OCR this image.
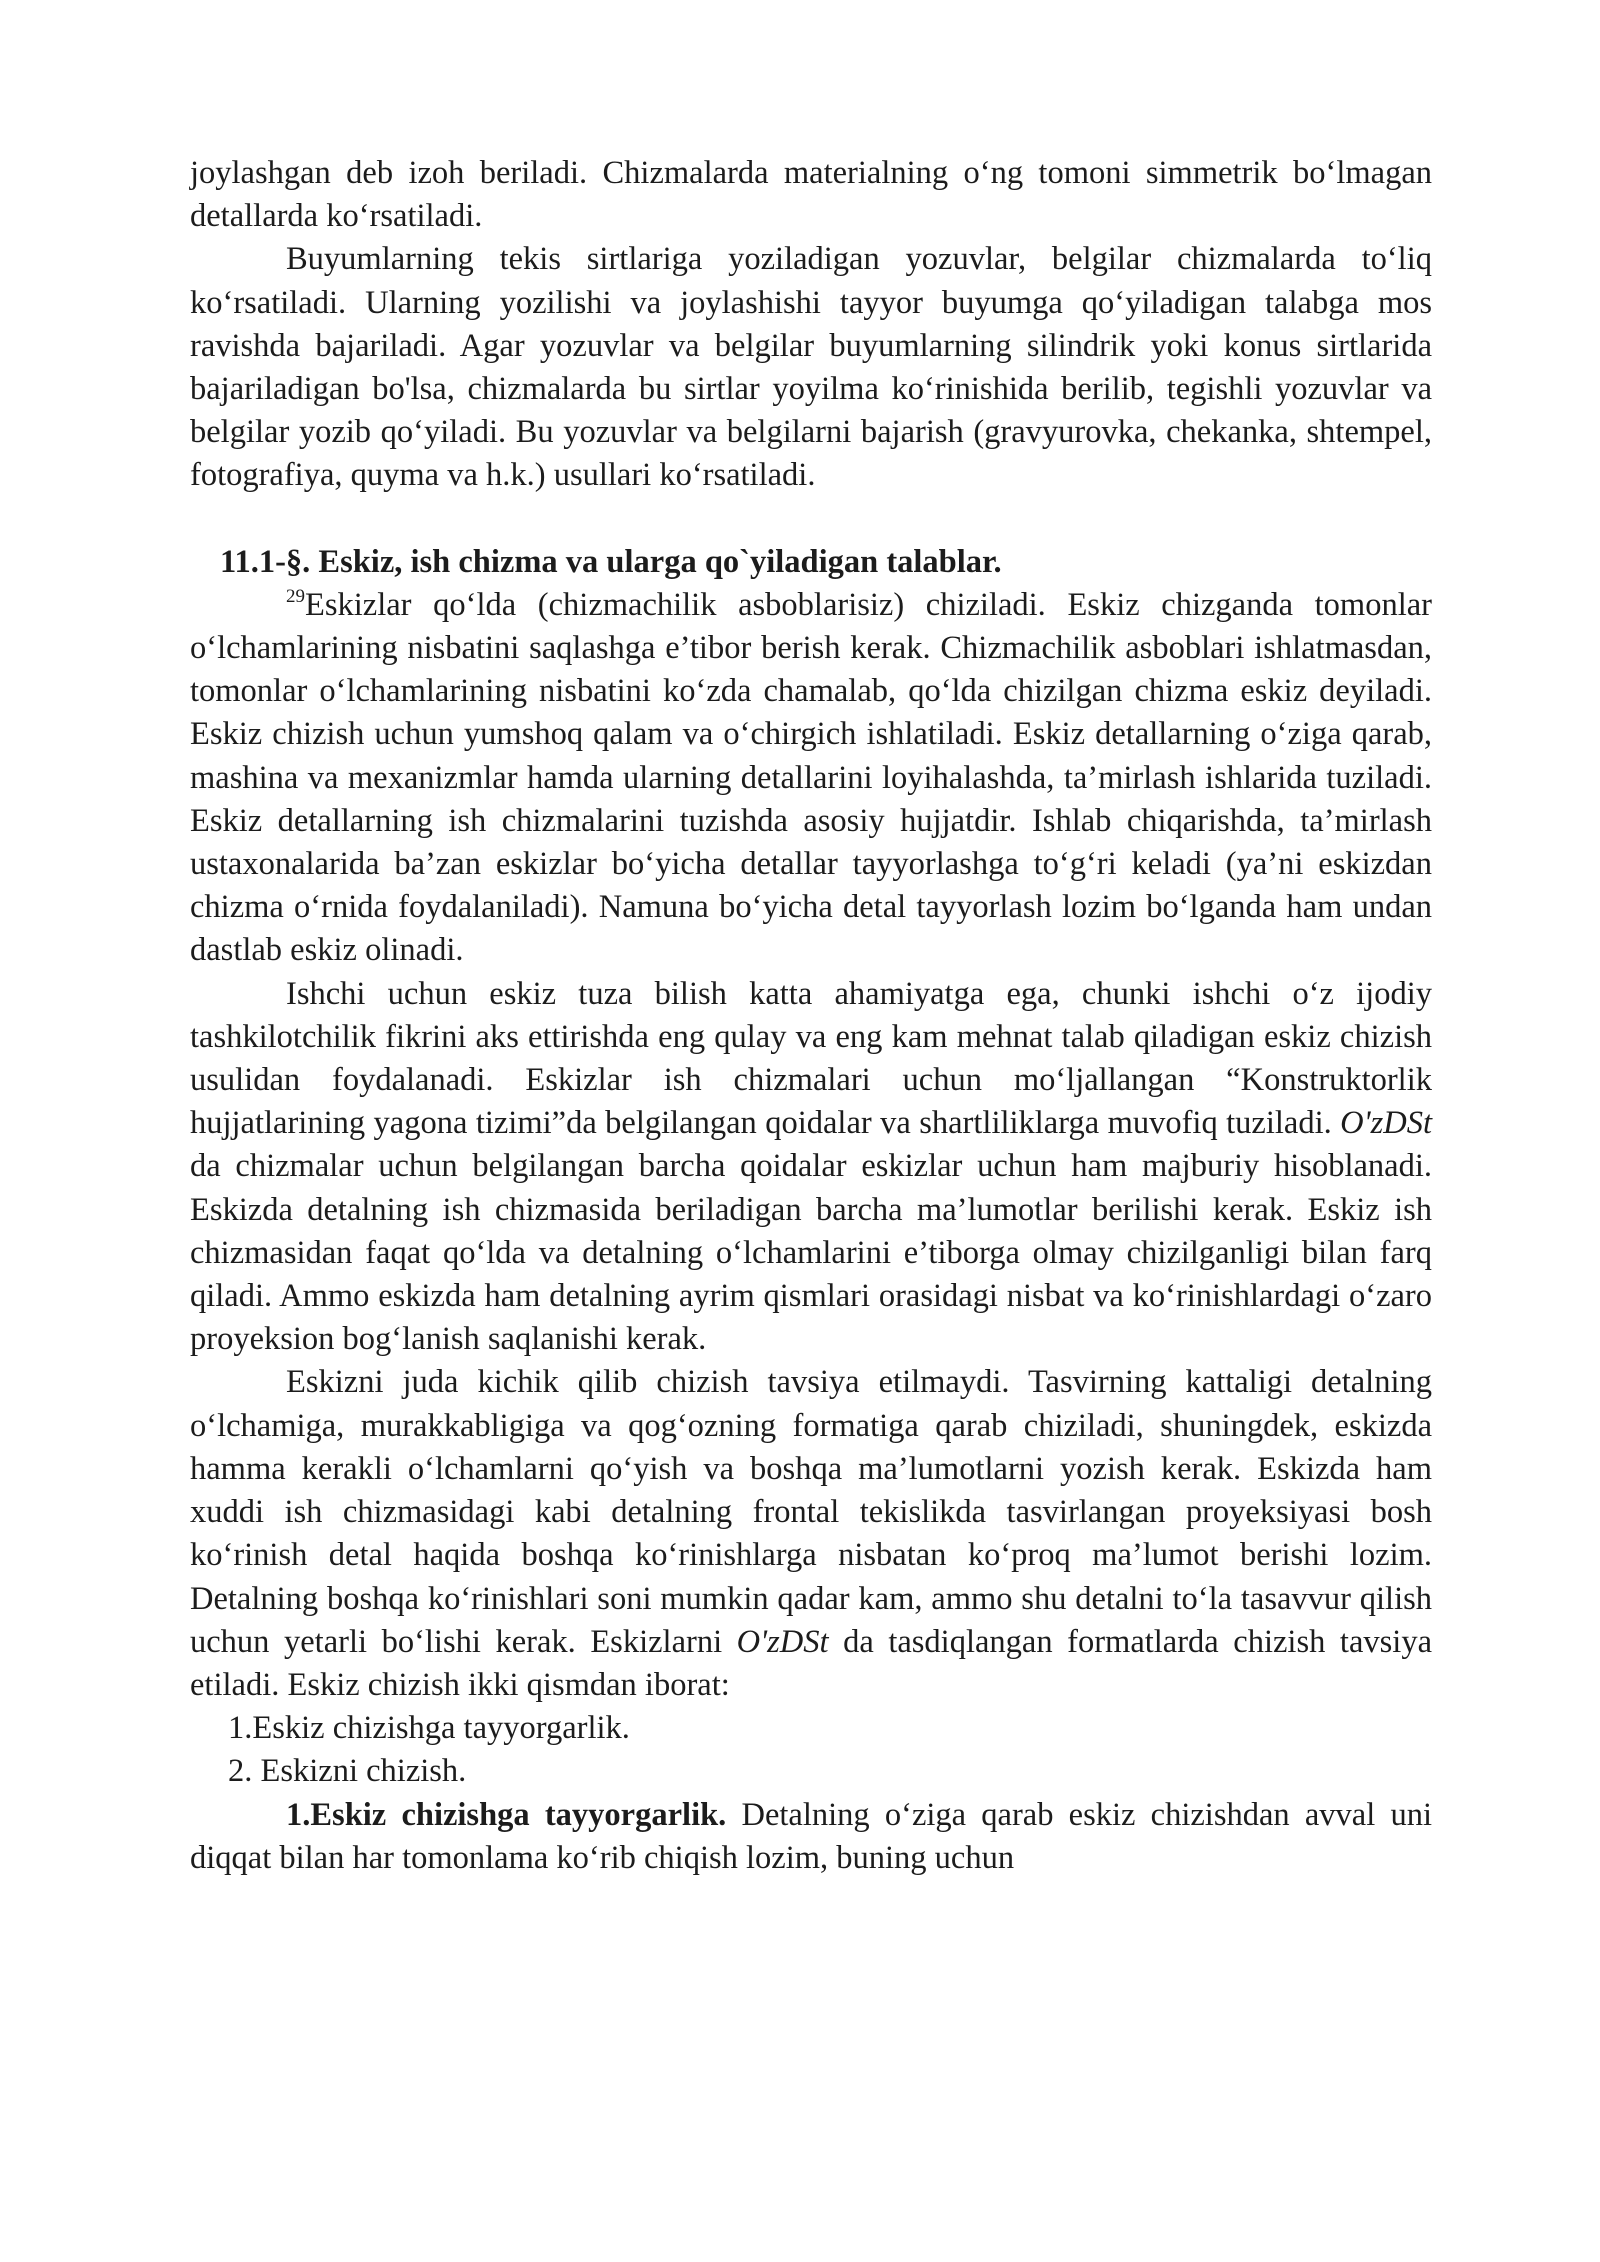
joylashgan deb izoh beriladi. Chizmalarda materialning o‘ng tomoni simmetrik bo‘lmagan detallarda ko‘rsatiladi.

Buyumlarning tekis sirtlariga yoziladigan yozuvlar, belgilar chizmalarda to‘liq ko‘rsatiladi. Ularning yozilishi va joylashishi tayyor buyumga qo‘yiladigan talabga mos ravishda bajariladi. Agar yozuvlar va belgilar buyumlarning silindrik yoki konus sirtlarida bajariladigan bo'lsa, chizmalarda bu sirtlar yoyilma ko‘rinishida berilib, tegishli yozuvlar va belgilar yozib qo‘yiladi. Bu yozuvlar va belgilarni bajarish (gravyurovka, chekanka, shtempel, fotografiya, quyma va h.k.) usullari ko‘rsatiladi.

11.1-§. Eskiz, ish chizma va ularga qo`yiladigan talablar.

$^{29}$Eskizlar qo‘lda (chizmachilik asboblarisiz) chiziladi. Eskiz chizganda tomonlar o‘lchamlarining nisbatini saqlashga e’tibor berish kerak. Chizmachilik asboblari ishlatmasdan, tomonlar o‘lchamlarining nisbatini ko‘zda chamalab, qo‘lda chizilgan chizma eskiz deyiladi. Eskiz chizish uchun yumshoq qalam va o‘chirgich ishlatiladi. Eskiz detallarning o‘ziga qarab, mashina va mexanizmlar hamda ularning detallarini loyihalashda, ta’mirlash ishlarida tuziladi. Eskiz detallarning ish chizmalarini tuzishda asosiy hujjatdir. Ishlab chiqarishda, ta’mirlash ustaxonalarida ba’zan eskizlar bo‘yicha detallar tayyorlashga to‘g‘ri keladi (ya’ni eskizdan chizma o‘rnida foydalaniladi). Namuna bo‘yicha detal tayyorlash lozim bo‘lganda ham undan dastlab eskiz olinadi.

Ishchi uchun eskiz tuza bilish katta ahamiyatga ega, chunki ishchi o‘z ijodiy tashkilotchilik fikrini aks ettirishda eng qulay va eng kam mehnat talab qiladigan eskiz chizish usulidan foydalanadi. Eskizlar ish chizmalari uchun mo‘ljallangan “Konstruktorlik hujjatlarining yagona tizimi”da belgilangan qoidalar va shartliliklarga muvofiq tuziladi. O'zDSt da chizmalar uchun belgilangan barcha qoidalar eskizlar uchun ham majburiy hisoblanadi. Eskizda detalning ish chizmasida beriladigan barcha ma’lumotlar berilishi kerak. Eskiz ish chizmasidan faqat qo‘lda va detalning o‘lchamlarini e’tiborga olmay chizilganligi bilan farq qiladi. Ammo eskizda ham detalning ayrim qismlari orasidagi nisbat va ko‘rinishlardagi o‘zaro proyeksion bog‘lanish saqlanishi kerak.

Eskizni juda kichik qilib chizish tavsiya etilmaydi. Tasvirning kattaligi detalning o‘lchamiga, murakkabligiga va qog‘ozning formatiga qarab chiziladi, shuningdek, eskizda hamma kerakli o‘lchamlarni qo‘yish va boshqa ma’lumotlarni yozish kerak. Eskizda ham xuddi ish chizmasidagi kabi detalning frontal tekislikda tasvirlangan proyeksiyasi bosh ko‘rinish detal haqida boshqa ko‘rinishlarga nisbatan ko‘proq ma’lumot berishi lozim. Detalning boshqa ko‘rinishlari soni mumkin qadar kam, ammo shu detalni to‘la tasavvur qilish uchun yetarli bo‘lishi kerak. Eskizlarni O'zDSt da tasdiqlangan formatlarda chizish tavsiya etiladi. Eskiz chizish ikki qismdan iborat:

1.Eskiz chizishga tayyorgarlik.

2. Eskizni chizish.

1.Eskiz chizishga tayyorgarlik. Detalning o‘ziga qarab eskiz chizishdan avval uni diqqat bilan har tomonlama ko‘rib chiqish lozim, buning uchun
